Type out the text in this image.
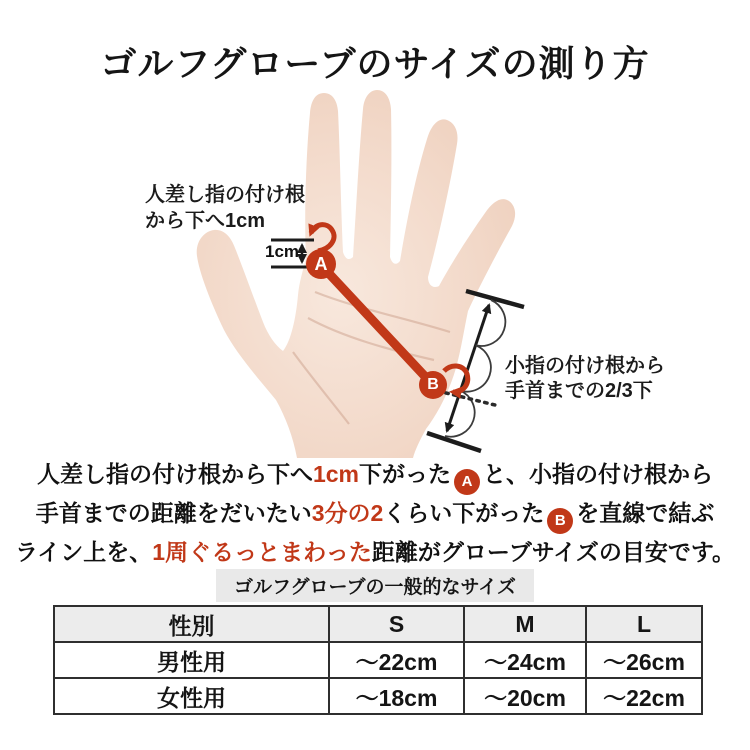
ゴルフグローブのサイズの測り方
人差し指の付け根
から下へ1cm
1cm
小指の付け根から
手首までの2/3下
A
B
人差し指の付け根から下へ1cm下がった A と、小指の付け根から
手首までの距離をだいたい3分の2くらい下がった B を直線で結ぶ
ライン上を、1周ぐるっとまわった距離がグローブサイズの目安です。
ゴルフグローブの一般的なサイズ
性別	S	M	L
男性用	〜22cm	〜24cm	〜26cm
女性用	〜18cm	〜20cm	〜22cm
